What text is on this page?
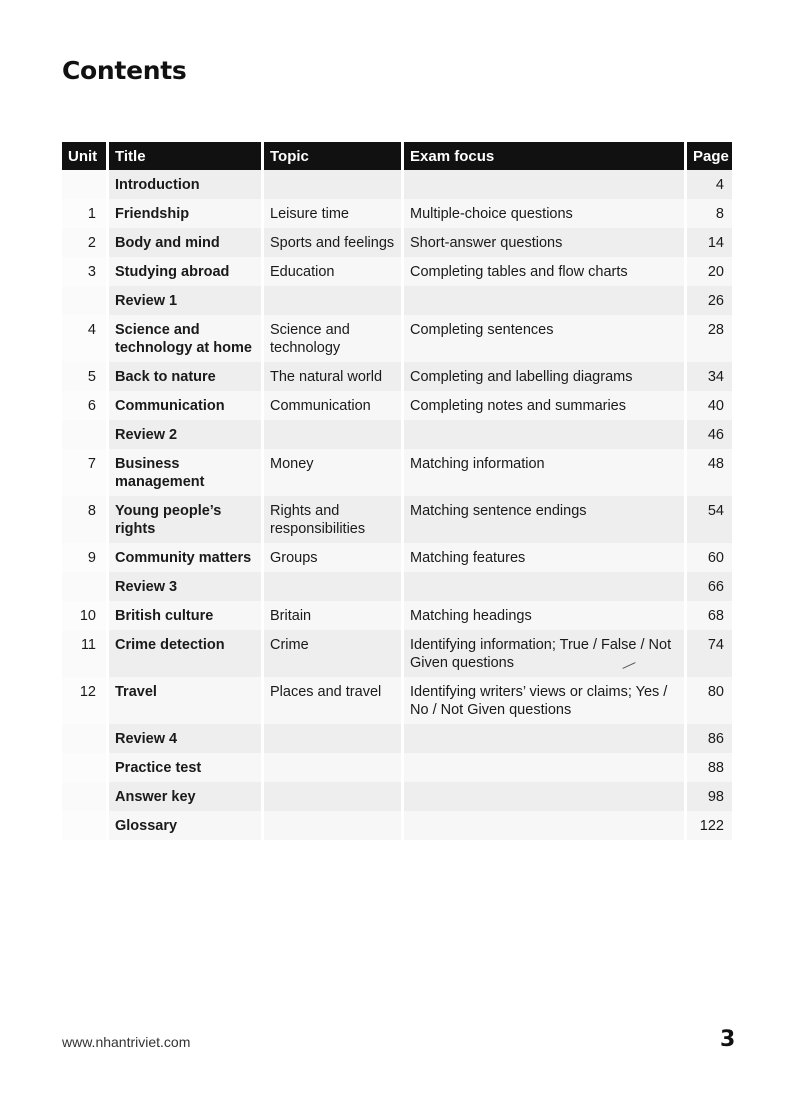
Contents
Unit	Title	Topic	Exam focus	Page
	Introduction			4
1	Friendship	Leisure time	Multiple-choice questions	8
2	Body and mind	Sports and feelings	Short-answer questions	14
3	Studying abroad	Education	Completing tables and flow charts	20
	Review 1			26
4	Science and technology at home	Science and technology	Completing sentences	28
5	Back to nature	The natural world	Completing and labelling diagrams	34
6	Communication	Communication	Completing notes and summaries	40
	Review 2			46
7	Business management	Money	Matching information	48
8	Young people’s rights	Rights and responsibilities	Matching sentence endings	54
9	Community matters	Groups	Matching features	60
	Review 3			66
10	British culture	Britain	Matching headings	68
11	Crime detection	Crime	Identifying information; True / False / Not Given questions	74
12	Travel	Places and travel	Identifying writers’ views or claims; Yes / No / Not Given questions	80
	Review 4			86
	Practice test			88
	Answer key			98
	Glossary			122
www.nhantriviet.com	3
